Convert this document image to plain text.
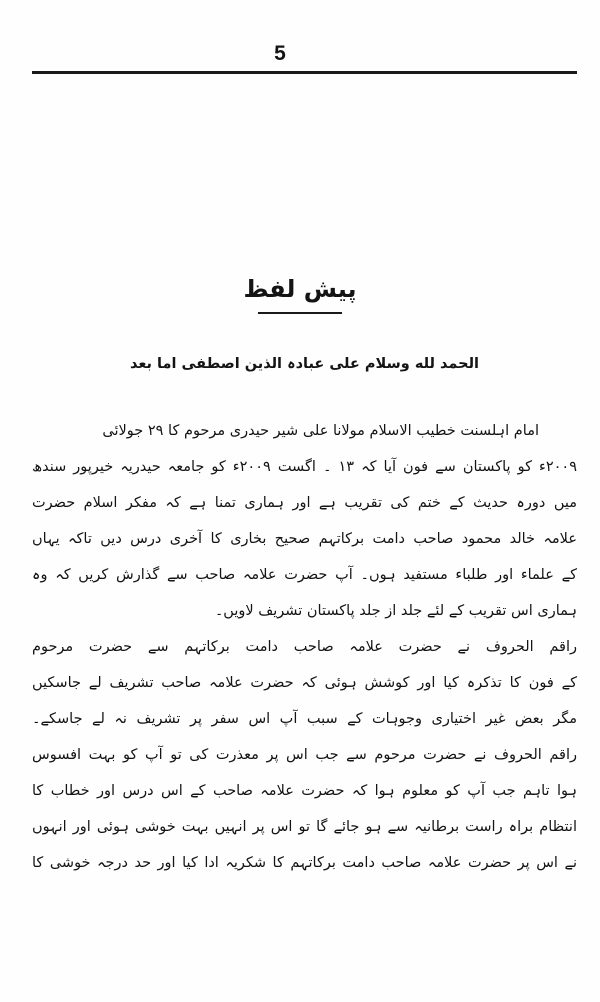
5
پیش لفظ
الحمد لله وسلام علی عبادہ الذین اصطفی اما بعد
امام اہلسنت خطیب الاسلام مولانا علی شیر حیدری مرحوم کا ۲۹ جولائی
۲۰۰۹ء کو پاکستان سے فون آیا کہ ۱۳ ۔ اگست ۲۰۰۹ء کو جامعہ حیدریہ خیرپور سندھ
میں دورہ حدیث کے ختم کی تقریب ہے اور ہماری تمنا ہے کہ مفکر اسلام حضرت
علامہ خالد محمود صاحب دامت برکاتہم صحیح بخاری کا آخری درس دیں تاکہ یہاں
کے علماء اور طلباء مستفید ہوں۔ آپ حضرت علامہ صاحب سے گذارش کریں کہ وہ
ہماری اس تقریب کے لئے جلد از جلد پاکستان تشریف لاویں۔
راقم الحروف نے حضرت علامہ صاحب دامت برکاتہم سے حضرت مرحوم
کے فون کا تذکرہ کیا اور کوشش ہوئی کہ حضرت علامہ صاحب تشریف لے جاسکیں
مگر بعض غیر اختیاری وجوہات کے سبب آپ اس سفر پر تشریف نہ لے جاسکے۔
راقم الحروف نے حضرت مرحوم سے جب اس پر معذرت کی تو آپ کو بہت افسوس
ہوا تاہم جب آپ کو معلوم ہوا کہ حضرت علامہ صاحب کے اس درس اور خطاب کا
انتظام براہ راست برطانیہ سے ہو جائے گا تو اس پر انہیں بہت خوشی ہوئی اور انہوں
نے اس پر حضرت علامہ صاحب دامت برکاتہم کا شکریہ ادا کیا اور حد درجہ خوشی کا
